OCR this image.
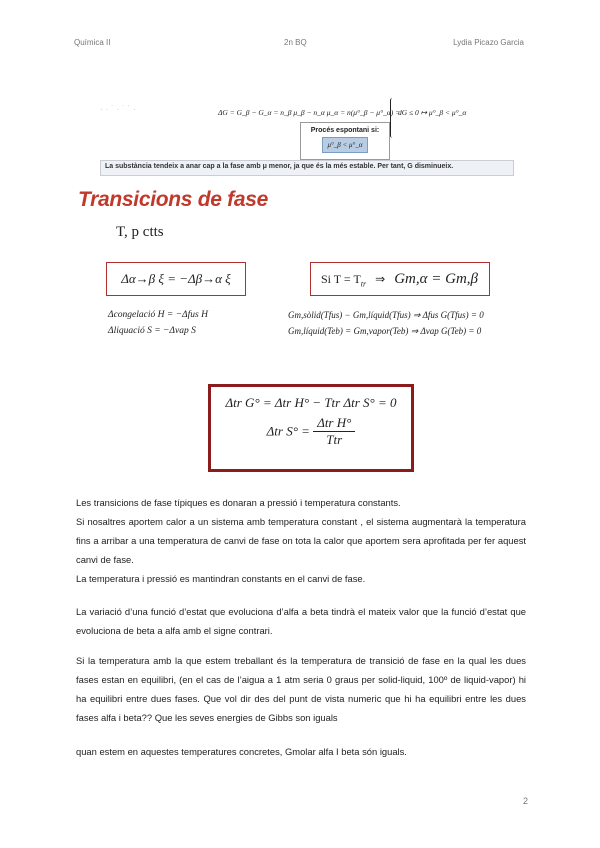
Química II	2n BQ	Lydia Picazo Garcia
· · ˙ · ˙ ˙ ·	ΔG = G_β − G_α = n_β μ_β − n_α μ_α = n(μ°_β − μ°_α) =
dG ≤ 0 ↦ μ°_β < μ°_α
Procés espontani si:
μ°_β < μ°_α
La substància tendeix a anar cap a la fase amb μ menor, ja que és la més estable. Per tant, G disminueix.
Transicions de fase
T, p ctts
Δα→β ξ = −Δβ→α ξ	Si $T = T_{tr}$ ⇒ Gm,α = Gm,β
Δcongelació H = −Δfus H
Δliquació S = −Δvap S
Gm,sòlid(Tfus) − Gm,líquid(Tfus) ⇒ Δfus G(Tfus) = 0
Gm,líquid(Teb) = Gm,vapor(Teb) ⇒ Δvap G(Teb) = 0
Δtr G° = Δtr H° − Ttr Δtr S° = 0
Δtr $S^\circ = \frac{\text{Δtr H°}}{\text{Ttr}}$

Les transicions de fase típiques es donaran a pressió i temperatura constants.

Si nosaltres aportem calor a un sistema amb temperatura constant , el sistema augmentarà la temperatura fins a arribar a una temperatura de canvi de fase on tota la calor que aportem sera aprofitada per fer aquest canvi de fase.

La temperatura i pressió es mantindran constants en el canvi de fase.

La variació d’una funció d’estat que evoluciona d’alfa a beta tindrà el mateix valor que la funció d’estat que evoluciona de beta a alfa amb el signe contrari.

Si la temperatura amb la que estem treballant és la temperatura de transició de fase en la qual les dues fases estan en equilibri, (en el cas de l’aigua a 1 atm seria 0 graus per solid-liquid, 100º de liquid-vapor) hi ha equilibri entre dues fases. Que vol dir des del punt de vista numeric que hi ha equilibri entre les dues fases alfa i beta?? Que les seves energies de Gibbs son iguals

quan estem en aquestes temperatures concretes, Gmolar alfa I beta són iguals.

2
